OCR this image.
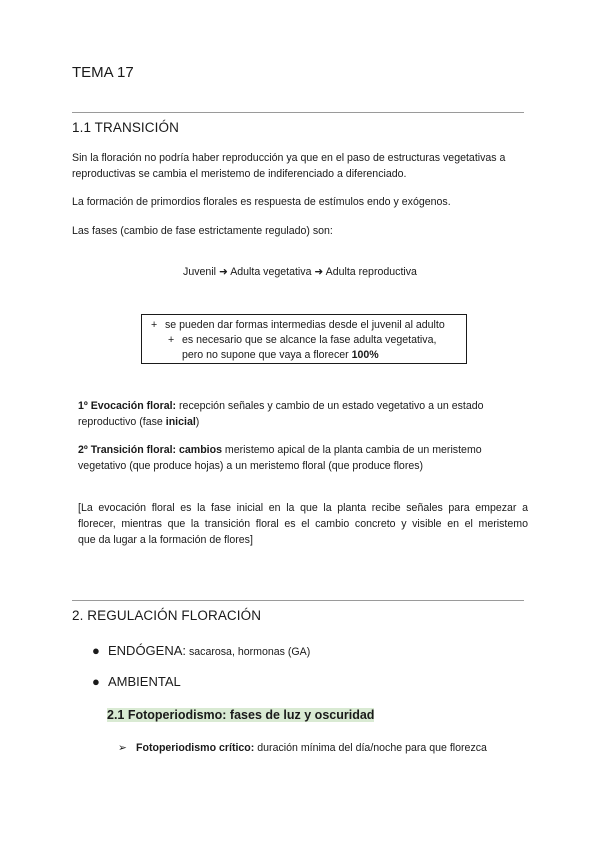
TEMA 17
1.1 TRANSICIÓN
Sin la floración no podría haber reproducción ya que en el paso de estructuras vegetativas a
reproductivas se cambia el meristemo de indiferenciado a diferenciado.
La formación de primordios florales es respuesta de estímulos endo y exógenos.
Las fases (cambio de fase estrictamente regulado) son:
Juvenil ➜ Adulta vegetativa ➜ Adulta reproductiva
+ se pueden dar formas intermedias desde el juvenil al adulto
+ es necesario que se alcance la fase adulta vegetativa,
pero no supone que vaya a florecer 100%
1º Evocación floral: recepción señales y cambio de un estado vegetativo a un estado
reproductivo (fase inicial)
2º Transición floral: cambios meristemo apical de la planta cambia de un meristemo
vegetativo (que produce hojas) a un meristemo floral (que produce flores)
[La evocación floral es la fase inicial en la que la planta recibe señales para empezar a
florecer, mientras que la transición floral es el cambio concreto y visible en el meristemo
que da lugar a la formación de flores]
2. REGULACIÓN FLORACIÓN
● ENDÓGENA: sacarosa, hormonas (GA)
● AMBIENTAL
2.1 Fotoperiodismo: fases de luz y oscuridad
➢ Fotoperiodismo crítico: duración mínima del día/noche para que florezca
